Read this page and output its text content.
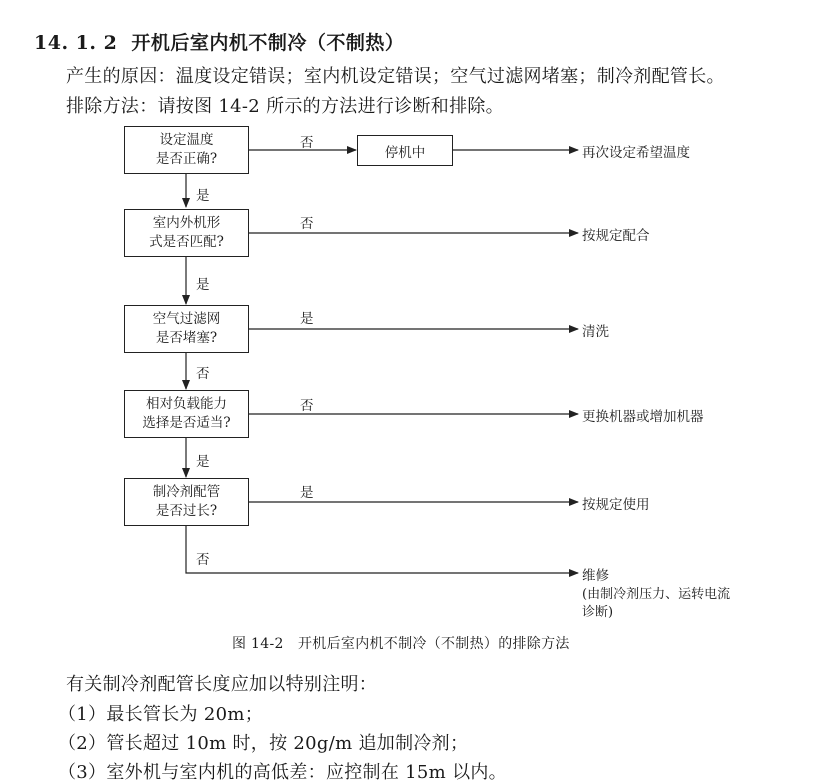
14. 1. 2 开机后室内机不制冷（不制热）
产生的原因：温度设定错误；室内机设定错误；空气过滤网堵塞；制冷剂配管长。
排除方法：请按图 14-2 所示的方法进行诊断和排除。
设定温度
是否正确?
室内外机形
式是否匹配?
空气过滤网
是否堵塞?
相对负载能力
选择是否适当?
制冷剂配管
是否过长?
停机中
否
否
是
否
是
是
是
否
是
否
再次设定希望温度
按规定配合
清洗
更换机器或增加机器
按规定使用
维修
(由制冷剂压力、运转电流
诊断)
图 14-2　开机后室内机不制冷（不制热）的排除方法
有关制冷剂配管长度应加以特别注明：
（1）最长管长为 20m；
（2）管长超过 10m 时，按 20g/m 追加制冷剂；
（3）室外机与室内机的高低差：应控制在 15m 以内。
